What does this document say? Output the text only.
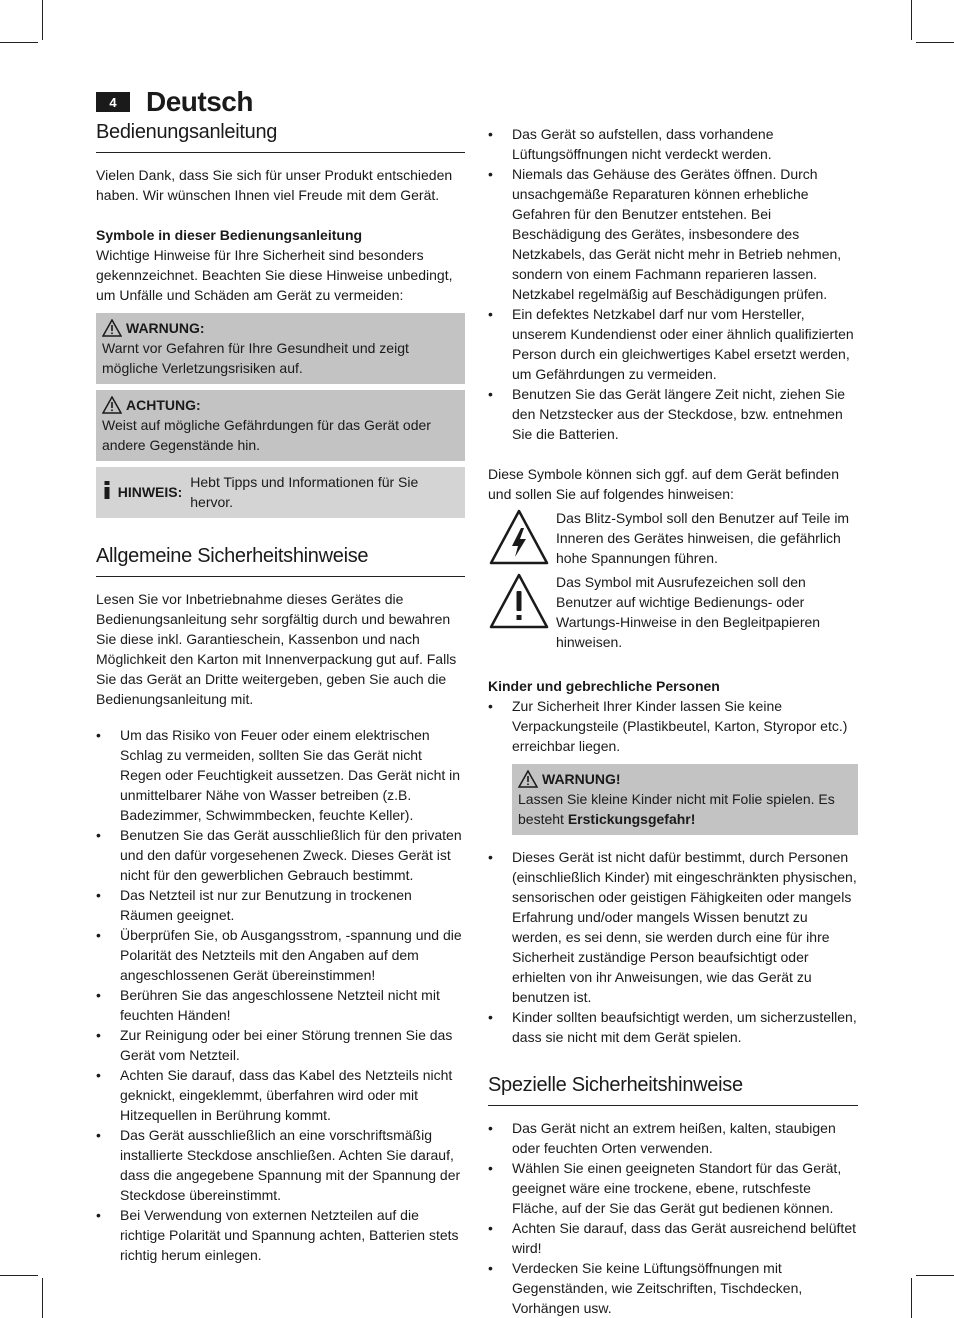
4	Deutsch
Bedienungsanleitung

Vielen Dank, dass Sie sich für unser Produkt entschieden haben. Wir wünschen Ihnen viel Freude mit dem Gerät.

Symbole in dieser Bedienungsanleitung

Wichtige Hinweise für Ihre Sicherheit sind besonders gekennzeichnet. Beachten Sie diese Hinweise unbedingt, um Unfälle und Schäden am Gerät zu vermeiden:

WARNUNG:

Warnt vor Gefahren für Ihre Gesundheit und zeigt mögliche Verletzungsrisiken auf.

ACHTUNG:

Weist auf mögliche Gefährdungen für das Gerät oder andere Gegenstände hin.

HINWEIS:
Hebt Tipps und Informationen für Sie hervor.
Allgemeine Sicherheitshinweise

Lesen Sie vor Inbetriebnahme dieses Gerätes die Bedienungsanleitung sehr sorgfältig durch und bewahren Sie diese inkl. Garantieschein, Kassenbon und nach Möglichkeit den Karton mit Innenverpackung gut auf. Falls Sie das Gerät an Dritte weitergeben, geben Sie auch die Bedienungsanleitung mit.

• Um das Risiko von Feuer oder einem elektrischen Schlag zu vermeiden, sollten Sie das Gerät nicht Regen oder Feuchtigkeit aussetzen. Das Gerät nicht in unmittelbarer Nähe von Wasser betreiben (z.B. Badezimmer, Schwimmbecken, feuchte Keller).
• Benutzen Sie das Gerät ausschließlich für den privaten und den dafür vorgesehenen Zweck. Dieses Gerät ist nicht für den gewerblichen Gebrauch bestimmt.
• Das Netzteil ist nur zur Benutzung in trockenen Räumen geeignet.
• Überprüfen Sie, ob Ausgangsstrom, -spannung und die Polarität des Netzteils mit den Angaben auf dem angeschlossenen Gerät übereinstimmen!
• Berühren Sie das angeschlossene Netzteil nicht mit feuchten Händen!
• Zur Reinigung oder bei einer Störung trennen Sie das Gerät vom Netzteil.
• Achten Sie darauf, dass das Kabel des Netzteils nicht geknickt, eingeklemmt, überfahren wird oder mit Hitzequellen in Berührung kommt.
• Das Gerät ausschließlich an eine vorschriftsmäßig installierte Steckdose anschließen. Achten Sie darauf, dass die angegebene Spannung mit der Spannung der Steckdose übereinstimmt.
• Bei Verwendung von externen Netzteilen auf die richtige Polarität und Spannung achten, Batterien stets richtig herum einlegen.
• Das Gerät so aufstellen, dass vorhandene Lüftungsöffnungen nicht verdeckt werden.
• Niemals das Gehäuse des Gerätes öffnen. Durch unsachgemäße Reparaturen können erhebliche Gefahren für den Benutzer entstehen. Bei Beschädigung des Gerätes, insbesondere des Netzkabels, das Gerät nicht mehr in Betrieb nehmen, sondern von einem Fachmann reparieren lassen. Netzkabel regelmäßig auf Beschädigungen prüfen.
• Ein defektes Netzkabel darf nur vom Hersteller, unserem Kundendienst oder einer ähnlich qualifizierten Person durch ein gleichwertiges Kabel ersetzt werden, um Gefährdungen zu vermeiden.
• Benutzen Sie das Gerät längere Zeit nicht, ziehen Sie den Netzstecker aus der Steckdose, bzw. entnehmen Sie die Batterien.

Diese Symbole können sich ggf. auf dem Gerät befinden und sollen Sie auf folgendes hinweisen:

Das Blitz-Symbol soll den Benutzer auf Teile im Inneren des Gerätes hinweisen, die gefährlich hohe Spannungen führen.

Das Symbol mit Ausrufezeichen soll den Benutzer auf wichtige Bedienungs- oder Wartungs-Hinweise in den Begleitpapieren hinweisen.

Kinder und gebrechliche Personen

• Zur Sicherheit Ihrer Kinder lassen Sie keine Verpackungsteile (Plastikbeutel, Karton, Styropor etc.) erreichbar liegen.
WARNUNG!

Lassen Sie kleine Kinder nicht mit Folie spielen. Es besteht Erstickungsgefahr!

• Dieses Gerät ist nicht dafür bestimmt, durch Personen (einschließlich Kinder) mit eingeschränkten physischen, sensorischen oder geistigen Fähigkeiten oder mangels Erfahrung und/oder mangels Wissen benutzt zu werden, es sei denn, sie werden durch eine für ihre Sicherheit zuständige Person beaufsichtigt oder erhielten von ihr Anweisungen, wie das Gerät zu benutzen ist.
• Kinder sollten beaufsichtigt werden, um sicherzustellen, dass sie nicht mit dem Gerät spielen.
Spezielle Sicherheitshinweise
• Das Gerät nicht an extrem heißen, kalten, staubigen oder feuchten Orten verwenden.
• Wählen Sie einen geeigneten Standort für das Gerät, geeignet wäre eine trockene, ebene, rutschfeste Fläche, auf der Sie das Gerät gut bedienen können.
• Achten Sie darauf, dass das Gerät ausreichend belüftet wird!
• Verdecken Sie keine Lüftungsöffnungen mit Gegenständen, wie Zeitschriften, Tischdecken, Vorhängen usw.
